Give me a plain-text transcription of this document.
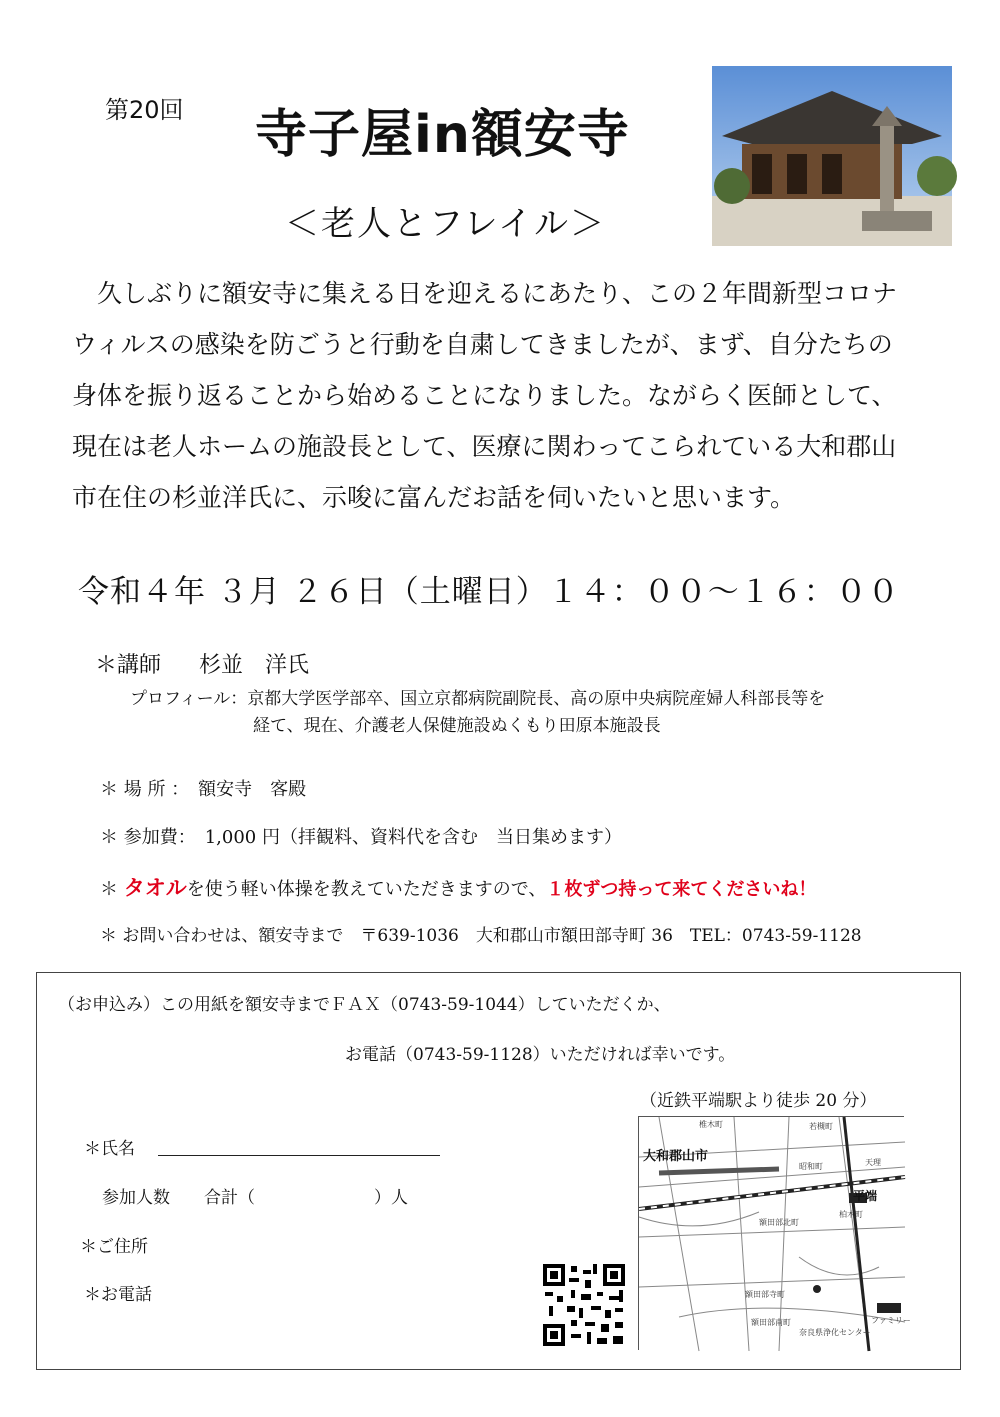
第20回 寺子屋in額安寺
＜老人とフレイル＞

　久しぶりに額安寺に集える日を迎えるにあたり、この２年間新型コロナ

ウィルスの感染を防ごうと行動を自粛してきましたが、まず、自分たちの

身体を振り返ることから始めることになりました。ながらく医師として、

現在は老人ホームの施設長として、医療に関わってこられている大和郡山

市在住の杉並洋氏に、示唆に富んだお話を伺いたいと思います。

令和４年 ３月 ２６日（土曜日）１４：００～１６：００
＊講師 杉並　洋氏
プロフィール：京都大学医学部卒、国立京都病院副院長、高の原中央病院産婦人科部長等を
経て、現在、介護老人保健施設ぬくもり田原本施設長
＊ 場 所 ：　額安寺　客殿
＊ 参加費：　1,000 円（拝観料、資料代を含む　当日集めます）
＊ タオルを使う軽い体操を教えていただきますので、１枚ずつ持って来てくださいね！
＊ お問い合わせは、額安寺まで　〒639-1036　大和郡山市額田部寺町 36　TEL：0743-59-1128
（お申込み）この用紙を額安寺までＦＡＸ（0743-59-1044）していただくか、
お電話（0743-59-1128）いただければ幸いです。
（近鉄平端駅より徒歩 20 分）
＊氏名
参加人数　　合計（　　　　　　　）人
＊ご住所
＊お電話
大和郡山市
平端
椎木町	若槻町
額田部北町
額田部寺町
額田部南町
天理
柏木町
昭和町
ファミリー
奈良県浄化センター
